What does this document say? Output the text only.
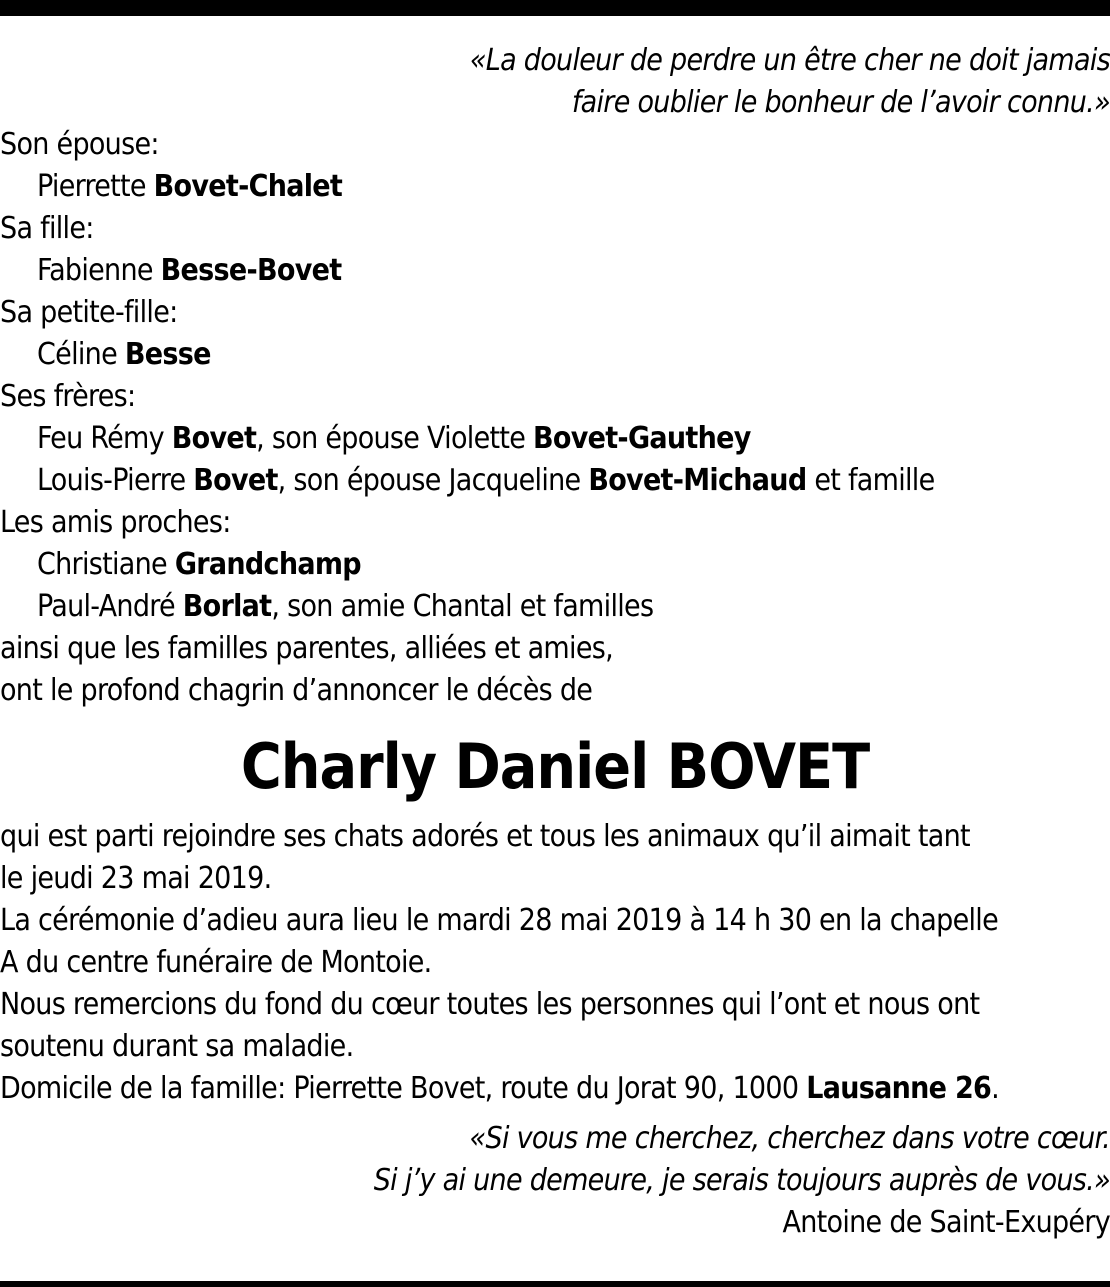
«La douleur de perdre un être cher ne doit jamais
faire oublier le bonheur de l’avoir connu.»
Son épouse:
Pierrette Bovet-Chalet
Sa fille:
Fabienne Besse-Bovet
Sa petite-fille:
Céline Besse
Ses frères:
Feu Rémy Bovet, son épouse Violette Bovet-Gauthey
Louis-Pierre Bovet, son épouse Jacqueline Bovet-Michaud et famille
Les amis proches:
Christiane Grandchamp
Paul-André Borlat, son amie Chantal et familles
ainsi que les familles parentes, alliées et amies,
ont le profond chagrin d’annoncer le décès de
Charly Daniel BOVET
qui est parti rejoindre ses chats adorés et tous les animaux qu’il aimait tant
le jeudi 23 mai 2019.
La cérémonie d’adieu aura lieu le mardi 28 mai 2019 à 14 h 30 en la chapelle
A du centre funéraire de Montoie.
Nous remercions du fond du cœur toutes les personnes qui l’ont et nous ont
soutenu durant sa maladie.
Domicile de la famille: Pierrette Bovet, route du Jorat 90, 1000 Lausanne 26.
«Si vous me cherchez, cherchez dans votre cœur.
Si j’y ai une demeure, je serais toujours auprès de vous.»
Antoine de Saint-Exupéry
